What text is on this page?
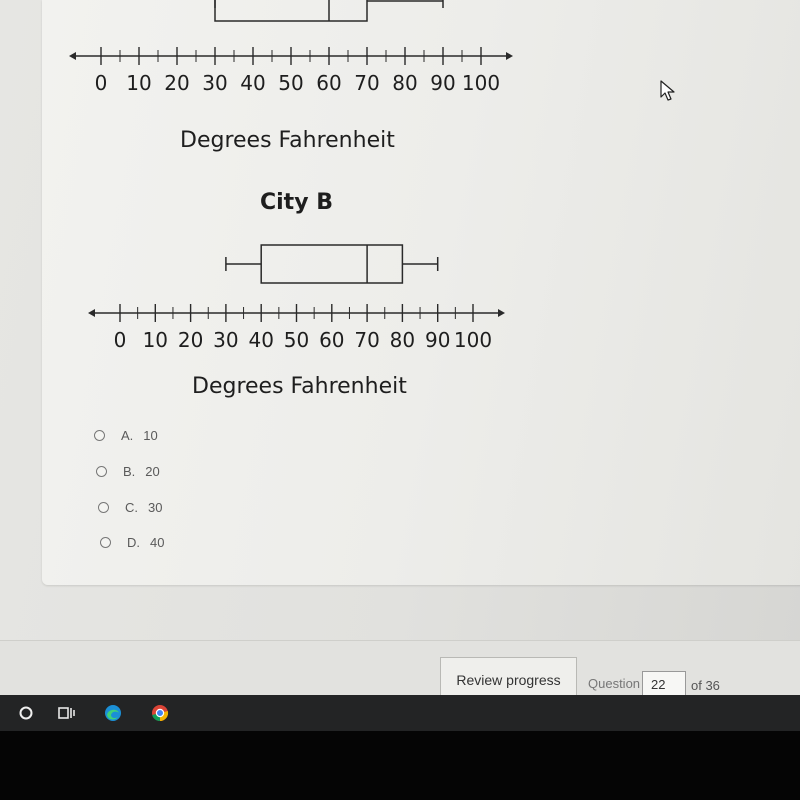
0 10 20 30 40 50 60 70 80 90 100
Degrees Fahrenheit
City B
0 10 20 30 40 50 60 70 80 90 100
Degrees Fahrenheit
A. 10
B. 20
C. 30
D. 40
Review progress	Question 22	of 36
